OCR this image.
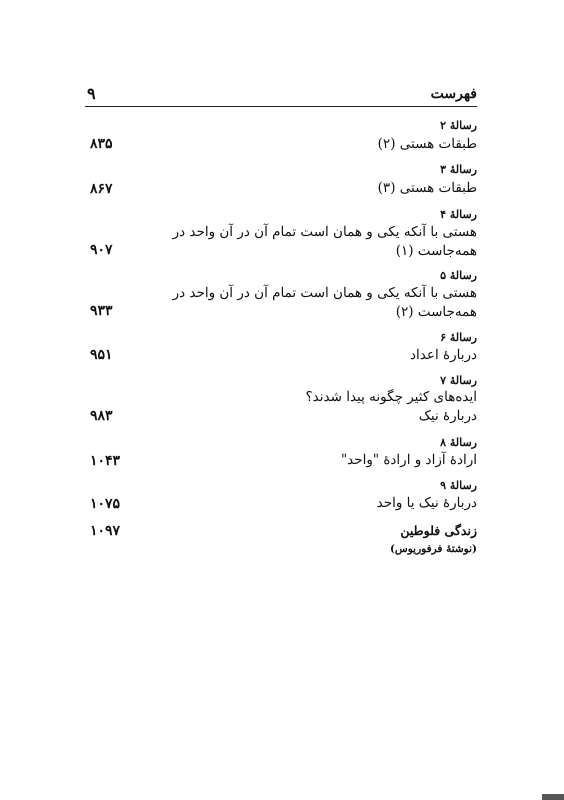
فهرست
۹
رسالهٔ ۲
طبقات هستی (۲)
۸۳۵
رسالهٔ ۳
طبقات هستی (۳)
۸۶۷
رسالهٔ ۴
هستی با آنکه یکی و همان است تمام آن در آن واحد در
همه‌جاست (۱)
۹۰۷
رسالهٔ ۵
هستی با آنکه یکی و همان است تمام آن در آن واحد در
همه‌جاست (۲)
۹۳۳
رسالهٔ ۶
دربارهٔ اعداد
۹۵۱
رسالهٔ ۷
ایده‌های کثیر چگونه پیدا شدند؟
دربارهٔ نیک
۹۸۳
رسالهٔ ۸
ارادهٔ آزاد و ارادهٔ "واحد"
۱۰۴۳
رسالهٔ ۹
دربارهٔ نیک یا واحد
۱۰۷۵
زندگی فلوطین
(نوشتهٔ فرفوریوس)
۱۰۹۷
